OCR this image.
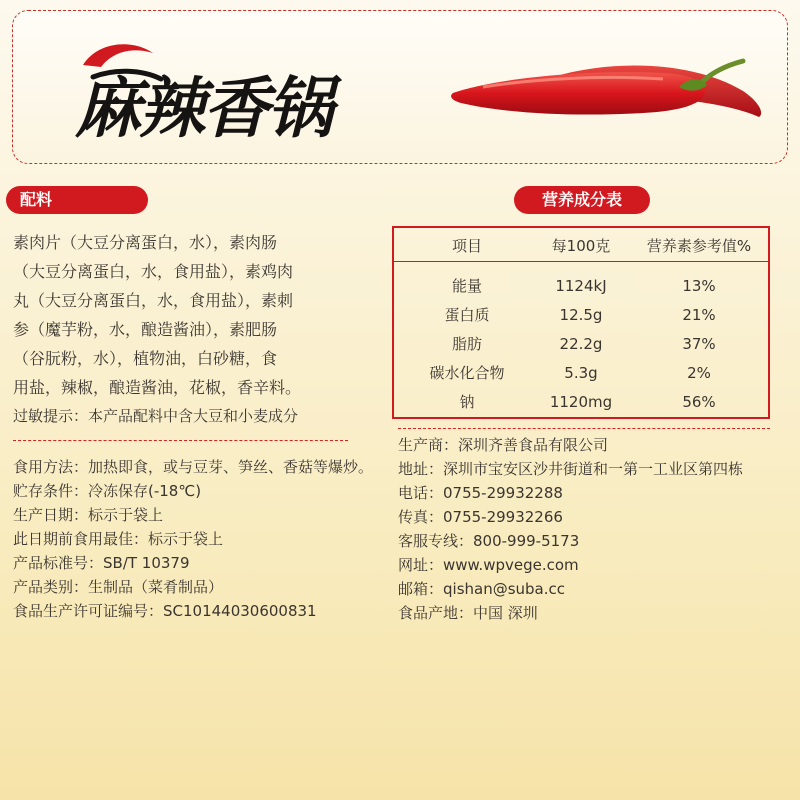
麻辣香锅
配料	营养成分表
素肉片（大豆分离蛋白，水），素肉肠
（大豆分离蛋白，水，食用盐），素鸡肉
丸（大豆分离蛋白，水，食用盐），素刺
参（魔芋粉，水，酿造酱油），素肥肠
（谷朊粉，水），植物油，白砂糖，食
用盐，辣椒，酿造酱油，花椒，香辛料。
过敏提示：本产品配料中含大豆和小麦成分
项目	每100克	营养素参考值%
能量	1124kJ	13%
蛋白质	12.5g	21%
脂肪	22.2g	37%
碳水化合物	5.3g	2%
钠	1120mg	56%
食用方法：加热即食，或与豆芽、笋丝、香菇等爆炒。
贮存条件：冷冻保存(-18℃)
生产日期：标示于袋上
此日期前食用最佳：标示于袋上
产品标准号：SB/T 10379
产品类别：生制品（菜肴制品）
食品生产许可证编号：SC10144030600831
生产商：深圳齐善食品有限公司
地址：深圳市宝安区沙井街道和一第一工业区第四栋
电话：0755-29932288
传真：0755-29932266
客服专线：800-999-5173
网址：www.wpvege.com
邮箱：qishan@suba.cc
食品产地：中国 深圳
